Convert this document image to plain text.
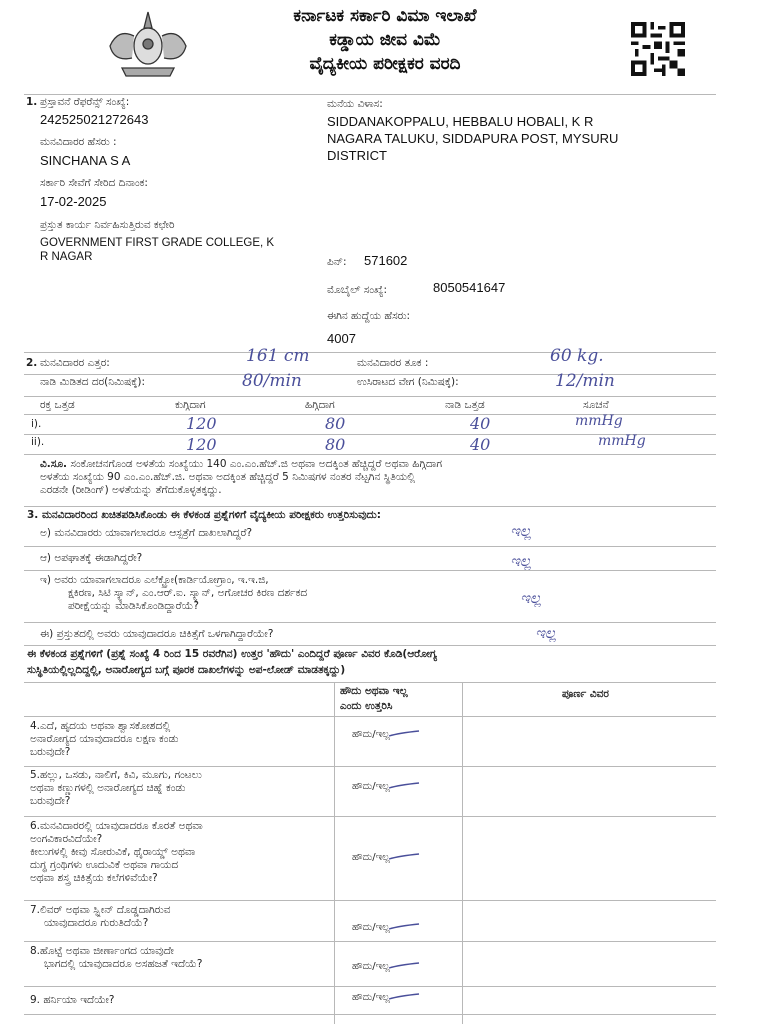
ಕರ್ನಾಟಕ ಸರ್ಕಾರಿ ವಿಮಾ ಇಲಾಖೆ
ಕಡ್ಡಾಯ ಜೀವ ವಿಮೆ
ವೈದ್ಯಕೀಯ ಪರೀಕ್ಷಕರ ವರದಿ
1. ಪ್ರಸ್ತಾವನೆ ರೆಫರೆನ್ಸ್ ಸಂಖ್ಯೆ:
242525021272643
ಮನವಿದಾರರ ಹೆಸರು :
SINCHANA S A
ಸರ್ಕಾರಿ ಸೇವೆಗೆ ಸೇರಿದ ದಿನಾಂಕ:
17-02-2025
ಪ್ರಸ್ತುತ ಕಾರ್ಯ ನಿರ್ವಹಿಸುತ್ತಿರುವ ಕಛೇರಿ
GOVERNMENT FIRST GRADE COLLEGE, K
R NAGAR
ಮನೆಯ ವಿಳಾಸ:
SIDDANAKOPPALU, HEBBALU HOBALI, K R
NAGARA TALUKU, SIDDAPURA POST, MYSURU
DISTRICT
ಪಿನ್: 571602
ಮೊಬೈಲ್ ಸಂಖ್ಯೆ:	8050541647
ಈಗಿನ ಹುದ್ದೆಯ ಹೆಸರು:
4007
2. ಮನವಿದಾರರ ಎತ್ತರ:	161 cm	ಮನವಿದಾರರ ತೂಕ :	60 kg.
ನಾಡಿ ಮಿಡಿತದ ದರ(ನಿಮಿಷಕ್ಕೆ):	80/min	ಉಸಿರಾಟದ ವೇಗ (ನಿಮಿಷಕ್ಕೆ):	12/min
ರಕ್ತ ಒತ್ತಡ	ಕುಗ್ಗಿದಾಗ	ಹಿಗ್ಗಿದಾಗ	ನಾಡಿ ಒತ್ತಡ	ಸೂಚನೆ
i).	120	80	40	mmHg
ii).	120	80	40	mmHg
ವಿ.ಸೂ. ಸಂಕೋಚನಗೊಂಡ ಅಳತೆಯ ಸಂಖ್ಯೆಯು 140 ಎಂ.ಎಂ.ಹೆಚ್.ಜಿ ಅಥವಾ ಅದಕ್ಕಿಂತ ಹೆಚ್ಚಿದ್ದರೆ ಅಥವಾ ಹಿಗ್ಗಿದಾಗ
ಅಳತೆಯ ಸಂಖ್ಯೆಯ 90 ಎಂ.ಎಂ.ಹೆಚ್.ಜಿ. ಅಥವಾ ಅದಕ್ಕಿಂತ ಹೆಚ್ಚಿದ್ದರೆ 5 ನಿಮಿಷಗಳ ನಂತರ ನೆಟ್ಟಗಿನ ಸ್ಥಿತಿಯಲ್ಲಿ
ಎರಡನೇ (ರೀಡಿಂಗ್) ಅಳತೆಯನ್ನು ತೆಗೆದುಕೊಳ್ಳತಕ್ಕದ್ದು.
3. ಮನವಿದಾರರಿಂದ ಖಚಿತಪಡಿಸಿಕೊಂಡು ಈ ಕೆಳಕಂಡ ಪ್ರಶ್ನೆಗಳಿಗೆ ವೈದ್ಯಕೀಯ ಪರೀಕ್ಷಕರು ಉತ್ತರಿಸುವುದು:
ಅ) ಮನವಿದಾರರು ಯಾವಾಗಲಾದರೂ ಆಸ್ಪತ್ರೆಗೆ ದಾಖಲಾಗಿದ್ದರೆ?	ಇಲ್ಲ
ಆ) ಅಪಘಾತಕ್ಕೆ ಈಡಾಗಿದ್ದರೇ?	ಇಲ್ಲ
ಇ) ಅವರು ಯಾವಾಗಲಾದರೂ ಎಲೆಕ್ಟ್ರೋ(ಕಾರ್ಡಿಯೋಗ್ರಾಂ, ಇ.ಇ.ಜಿ,
ಕ್ಷಕಿರಣ, ಸಿಟಿ ಸ್ಕ್ಯಾನ್, ಎಂ.ಆರ್.ಐ. ಸ್ಕ್ಯಾನ್, ಅಗೋಚರ ಕಿರಣ ದರ್ಶಕದ
ಪರೀಕ್ಷೆಯನ್ನು ಮಾಡಿಸಿಕೊಂಡಿದ್ದಾರೆಯೆ?	ಇಲ್ಲ
ಈ) ಪ್ರಸ್ತುತದಲ್ಲಿ ಅವರು ಯಾವುದಾದರೂ ಚಿಕಿತ್ಸೆಗೆ ಒಳಗಾಗಿದ್ದಾರೆಯೇ?	ಇಲ್ಲ
ಈ ಕೆಳಕಂಡ ಪ್ರಶ್ನೆಗಳಿಗೆ (ಪ್ರಶ್ನೆ ಸಂಖ್ಯೆ 4 ರಿಂದ 15 ರವರೆಗಿನ) ಉತ್ತರ 'ಹೌದು' ಎಂದಿದ್ದರೆ ಪೂರ್ಣ ವಿವರ ಕೊಡಿ(ಆರೋಗ್ಯ
ಸುಸ್ಥಿತಿಯಲ್ಲಿಲ್ಲದಿದ್ದಲ್ಲಿ, ಅನಾರೋಗ್ಯದ ಬಗ್ಗೆ ಪೂರಕ ದಾಖಲೆಗಳನ್ನು ಅಪ-ಲೋಡ್ ಮಾಡತಕ್ಕದ್ದು)
ಹೌದು ಅಥವಾ ಇಲ್ಲ
ಎಂದು ಉತ್ತರಿಸಿ
ಪೂರ್ಣ ವಿವರ
4.ಎದೆ, ಹೃದಯ ಅಥವಾ ಶ್ವಾಸಕೋಶದಲ್ಲಿ
ಅನಾರೋಗ್ಯದ ಯಾವುದಾದರೂ ಲಕ್ಷಣ ಕಂಡು
ಬರುವುದೇ?
ಹೌದು/ಇಲ್ಲ
5.ಹಲ್ಲು, ಒಸಡು, ನಾಲಿಗೆ, ಕಿವಿ, ಮೂಗು, ಗಂಟಲು
ಅಥವಾ ಕಣ್ಣುಗಳಲ್ಲಿ ಅನಾರೋಗ್ಯದ ಚಿಹ್ನೆ ಕಂಡು
ಬರುವುದೇ?
ಹೌದು/ಇಲ್ಲ
6.ಮನವಿದಾರರಲ್ಲಿ ಯಾವುದಾದರೂ ಕೊರತೆ ಅಥವಾ
ಅಂಗವಿಕಾರವಿದೆಯೇ?
ಕೀಲುಗಳಲ್ಲಿ ಕೀವು ಸೋರುವಿಕೆ, ಥೈರಾಯ್ಡ್ ಅಥವಾ
ದುಗ್ಧ ಗ್ರಂಥಿಗಳು ಊದುವಿಕೆ ಅಥವಾ ಗಾಯದ
ಅಥವಾ ಶಸ್ತ್ರ ಚಿಕಿತ್ಸೆಯ ಕಲೆಗಳಿವೆಯೇ?
ಹೌದು/ಇಲ್ಲ
7.ಲಿವರ್ ಅಥವಾ ಸ್ಪ್ಲೀನ್ ದೊಡ್ಡದಾಗಿರುವ
ಯಾವುದಾದರೂ ಗುರುತಿದೆಯೆ?	ಹೌದು/ಇಲ್ಲ
8.ಹೊಟ್ಟೆ ಅಥವಾ ಜೀರ್ಣಾಂಗದ ಯಾವುದೇ
ಭಾಗದಲ್ಲಿ ಯಾವುದಾದರೂ ಅಸಹಜತೆ ಇದೆಯೆ?	ಹೌದು/ಇಲ್ಲ
9. ಹರ್ನಿಯಾ ಇದೆಯೇ?	ಹೌದು/ಇಲ್ಲ
